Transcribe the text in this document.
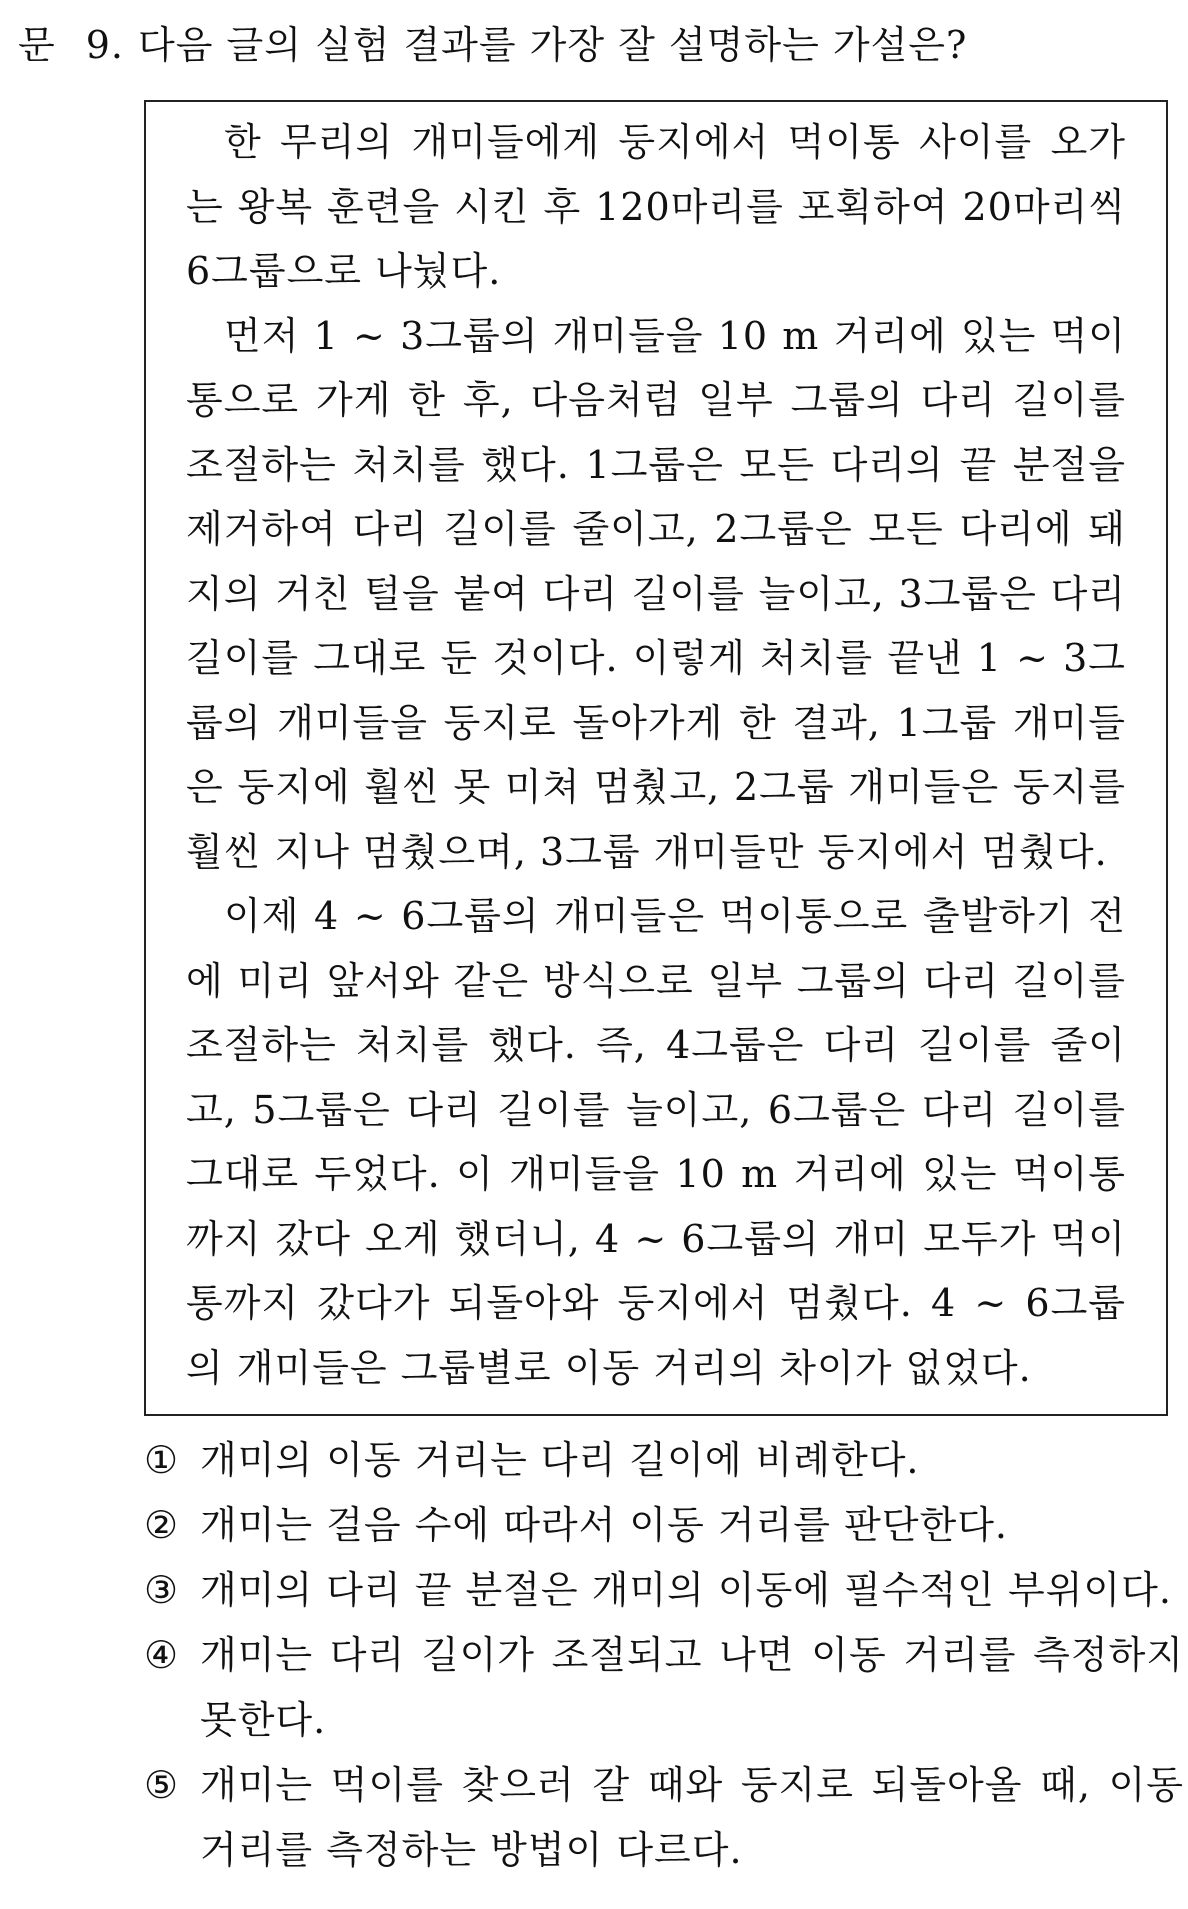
문 9. 다음 글의 실험 결과를 가장 잘 설명하는 가설은?

한 무리의 개미들에게 둥지에서 먹이통 사이를 오가는 왕복 훈련을 시킨 후 120마리를 포획하여 20마리씩 6그룹으로 나눴다.

먼저 1 ~ 3그룹의 개미들을 10 m 거리에 있는 먹이통으로 가게 한 후, 다음처럼 일부 그룹의 다리 길이를 조절하는 처치를 했다. 1그룹은 모든 다리의 끝 분절을 제거하여 다리 길이를 줄이고, 2그룹은 모든 다리에 돼지의 거친 털을 붙여 다리 길이를 늘이고, 3그룹은 다리 길이를 그대로 둔 것이다. 이렇게 처치를 끝낸 1 ~ 3그룹의 개미들을 둥지로 돌아가게 한 결과, 1그룹 개미들은 둥지에 훨씬 못 미쳐 멈췄고, 2그룹 개미들은 둥지를 훨씬 지나 멈췄으며, 3그룹 개미들만 둥지에서 멈췄다.

이제 4 ~ 6그룹의 개미들은 먹이통으로 출발하기 전에 미리 앞서와 같은 방식으로 일부 그룹의 다리 길이를 조절하는 처치를 했다. 즉, 4그룹은 다리 길이를 줄이고, 5그룹은 다리 길이를 늘이고, 6그룹은 다리 길이를 그대로 두었다. 이 개미들을 10 m 거리에 있는 먹이통까지 갔다 오게 했더니, 4 ~ 6그룹의 개미 모두가 먹이통까지 갔다가 되돌아와 둥지에서 멈췄다. 4 ~ 6그룹의 개미들은 그룹별로 이동 거리의 차이가 없었다.

① 개미의 이동 거리는 다리 길이에 비례한다.
② 개미는 걸음 수에 따라서 이동 거리를 판단한다.
③ 개미의 다리 끝 분절은 개미의 이동에 필수적인 부위이다.
④ 개미는 다리 길이가 조절되고 나면 이동 거리를 측정하지 못한다.
⑤ 개미는 먹이를 찾으러 갈 때와 둥지로 되돌아올 때, 이동 거리를 측정하는 방법이 다르다.
